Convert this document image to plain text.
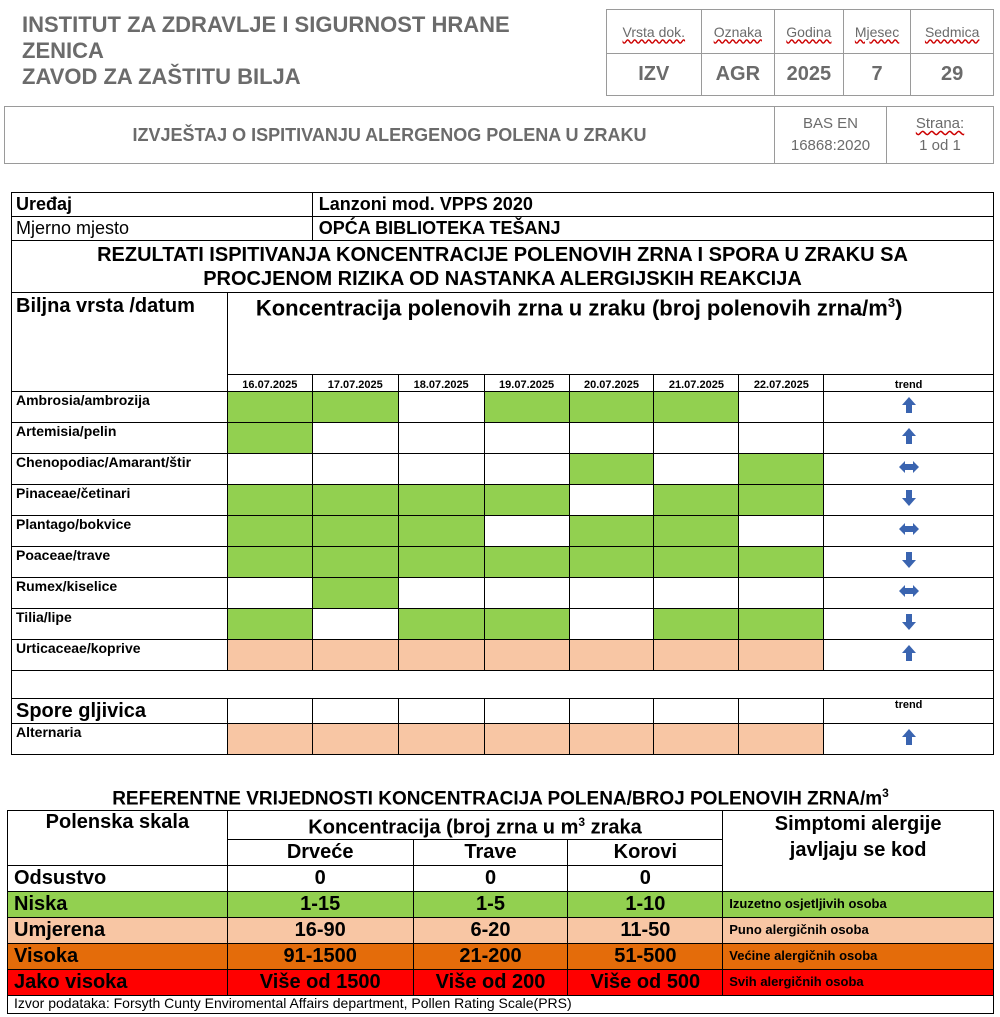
INSTITUT ZA ZDRAVLJE I SIGURNOST HRANE
ZENICA
ZAVOD ZA ZAŠTITU BILJA
Vrsta dok.	Oznaka	Godina	Mjesec	Sedmica
IZV	AGR	2025	7	29
IZVJEŠTAJ O ISPITIVANJU ALERGENOG POLENA U ZRAKU	
BAS EN
16868:2020

Strana:
1 od 1
Uređaj		Lanzoni mod. VPPS 2020						
Mjerno mjesto		OPĆA BIBLIOTEKA TEŠANJ						

REZULTATI ISPITIVANJA KONCENTRACIJE POLENOVIH ZRNA I SPORA U ZRAKU SA
PROCJENOM RIZIKA OD NASTANKA ALERGIJSKIH REAKCIJA								

Biljna vrsta /datum	Koncentracija polenovih zrna u zraku (broj polenovih zrna/$m^3$)							
	16.07.2025	17.07.2025	18.07.2025	19.07.2025	20.07.2025	21.07.2025	22.07.2025	trend
Ambrosia/ambrozija								
Artemisia/pelin								
Chenopodiac/Amarant/štir								
Pinaceae/četinari								
Plantago/bokvice								
Poaceae/trave								
Rumex/kiselice								
Tilia/lipe								
Urticaceae/koprive								

Spore gljivica								trend
Alternaria								
REFERENTNE VRIJEDNOSTI KONCENTRACIJA POLENA/BROJ POLENOVIH ZRNA/$m^3$
Polenska skala	Koncentracija (broj zrna u $m^3$ zraka			Simptomi alergije
javljaju se kod

	Drveće	Trave	Korovi	
Odsustvo	0	0	0	
Niska	1-15	1-5	1-10	Izuzetno osjetljivih osoba
Umjerena	16-90	6-20	11-50	Puno alergičnih osoba
Visoka	91-1500	21-200	51-500	Većine alergičnih osoba
Jako visoka	Više od 1500	Više od 200	Više od 500	Svih alergičnih osoba
Izvor podataka: Forsyth Cunty Enviromental Affairs department, Pollen Rating Scale(PRS)
